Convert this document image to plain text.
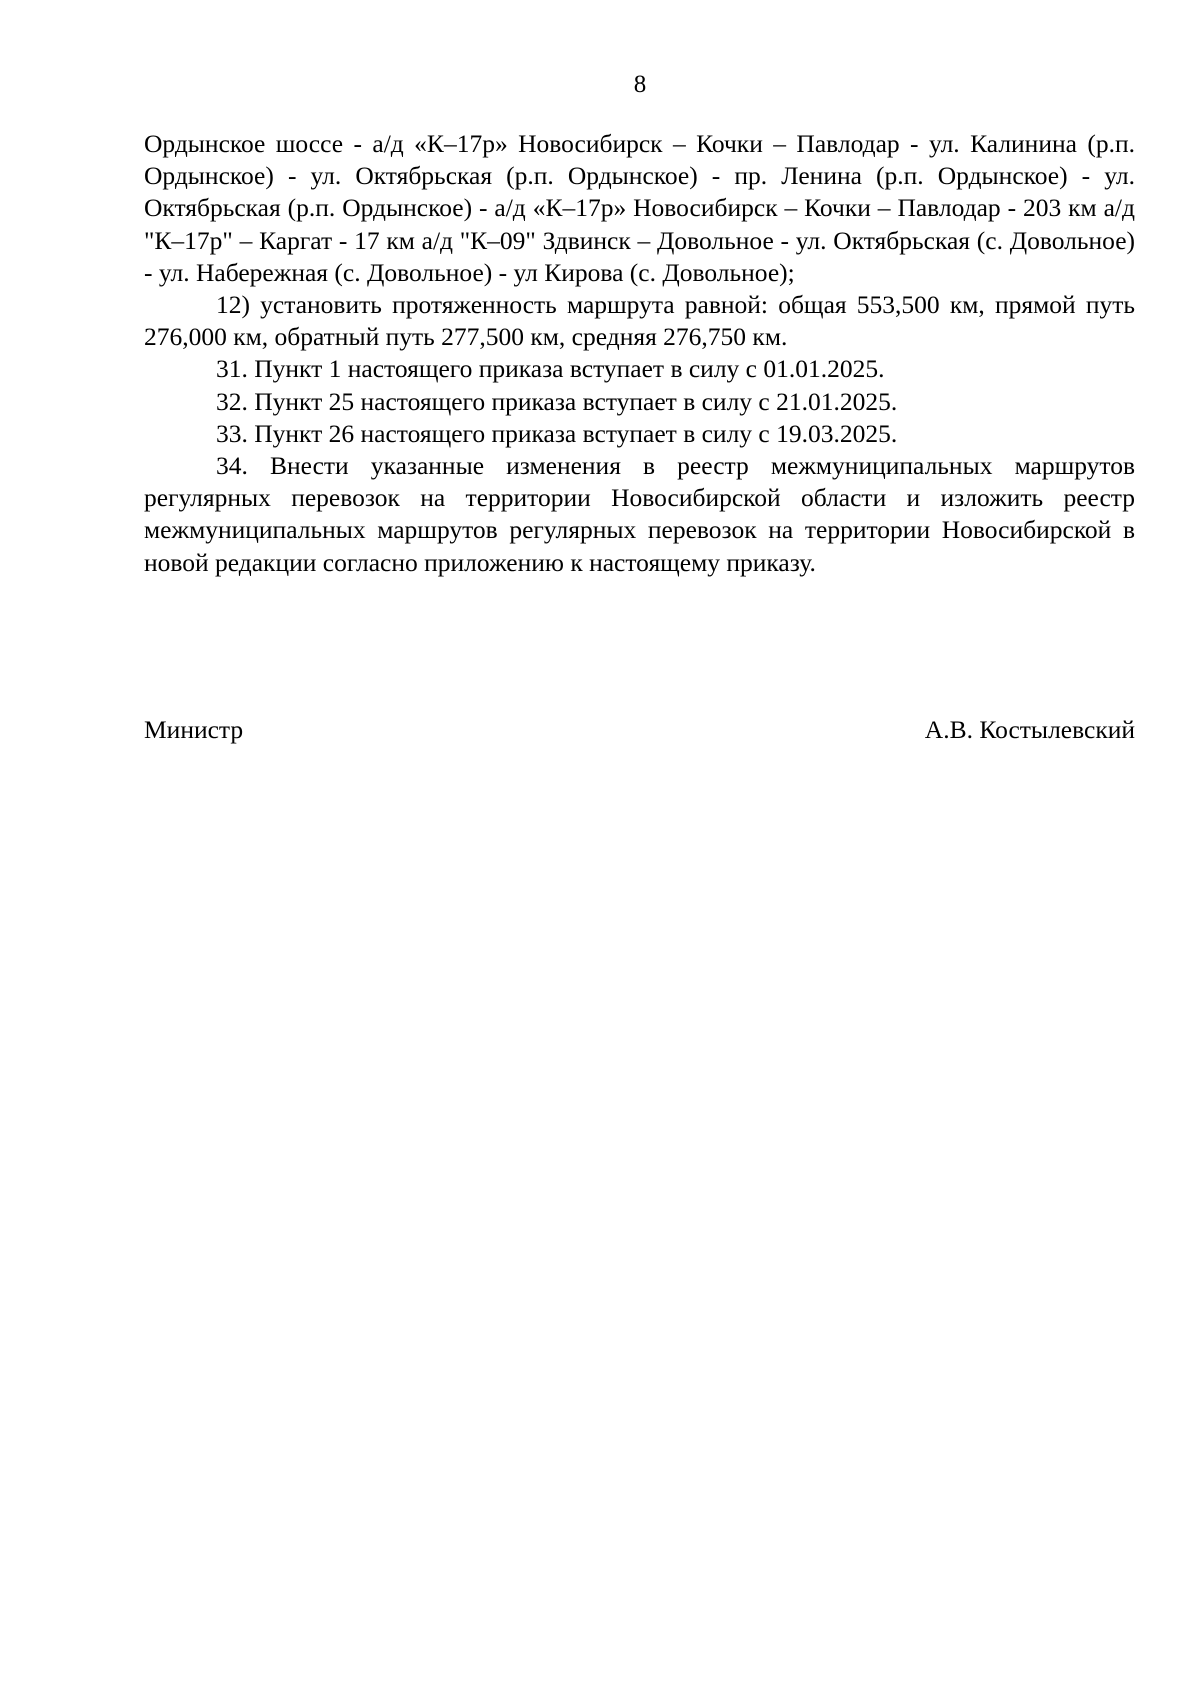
8

Ордынское шоссе - а/д «К–17р» Новосибирск – Кочки – Павлодар - ул. Калинина (р.п. Ордынское) - ул. Октябрьская (р.п. Ордынское) - пр. Ленина (р.п. Ордынское) - ул. Октябрьская (р.п. Ордынское) - а/д «К–17р» Новосибирск – Кочки – Павлодар - 203 км а/д "К–17р" – Каргат - 17 км а/д "К–09" Здвинск – Довольное - ул. Октябрьская (с. Довольное) - ул. Набережная (с. Довольное) - ул Кирова (с. Довольное);

12) установить протяженность маршрута равной: общая 553,500 км, прямой путь 276,000 км, обратный путь 277,500 км, средняя 276,750 км.

31. Пункт 1 настоящего приказа вступает в силу с 01.01.2025.

32. Пункт 25 настоящего приказа вступает в силу с 21.01.2025.

33. Пункт 26 настоящего приказа вступает в силу с 19.03.2025.

34. Внести указанные изменения в реестр межмуниципальных маршрутов регулярных перевозок на территории Новосибирской области и изложить реестр межмуниципальных маршрутов регулярных перевозок на территории Новосибирской в новой редакции согласно приложению к настоящему приказу.

Министр	А.В. Костылевский
